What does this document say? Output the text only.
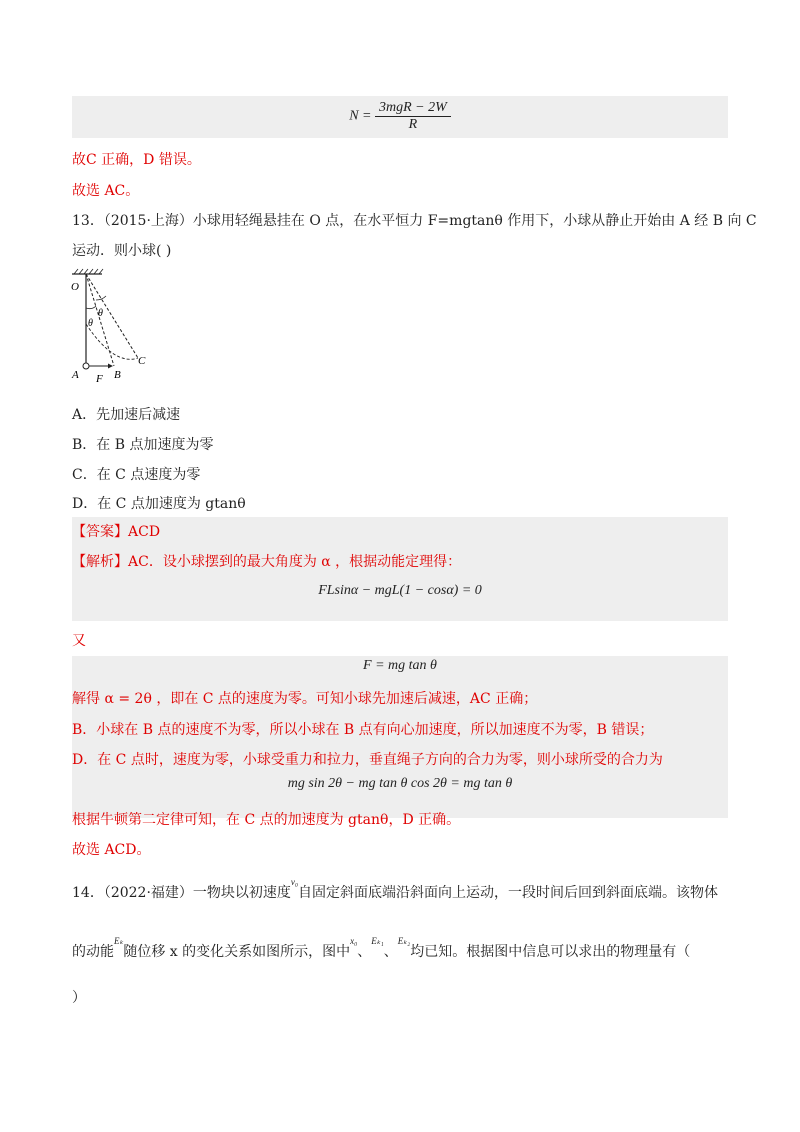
$N = \frac{\text{3mgR − 2W}}{R}$
故C 正确，D 错误。
故选 AC。
13．（2015·上海）小球用轻绳悬挂在 O 点，在水平恒力 F=mgtanθ 作用下，小球从静止开始由 A 经 B 向 C
运动．则小球( )
O
θ
θ
A F B
C
A．先加速后减速
B．在 B 点加速度为零
C．在 C 点速度为零
D．在 C 点加速度为 gtanθ
【答案】ACD
【解析】AC．设小球摆到的最大角度为 α ，根据动能定理得：
FLsinα − mgL(1 − cosα) = 0
又
F = mg tan θ
解得 α = 2θ ，即在 C 点的速度为零。可知小球先加速后减速，AC 正确；
B．小球在 B 点的速度不为零，所以小球在 B 点有向心加速度，所以加速度不为零，B 错误；
D．在 C 点时，速度为零，小球受重力和拉力，垂直绳子方向的合力为零，则小球所受的合力为
mg sin 2θ − mg tan θ cos 2θ = mg tan θ
根据牛顿第二定律可知，在 C 点的加速度为 gtanθ，D 正确。
故选 ACD。
14．（2022·福建）一物块以初速度$^{v_0}$自固定斜面底端沿斜面向上运动，一段时间后回到斜面底端。该物体
的动能$^{E_k}$随位移 x 的变化关系如图所示，图中$^{x_0}$、$^{E_{k1}}$、$^{E_{k2}}$均已知。根据图中信息可以求出的物理量有（
）
